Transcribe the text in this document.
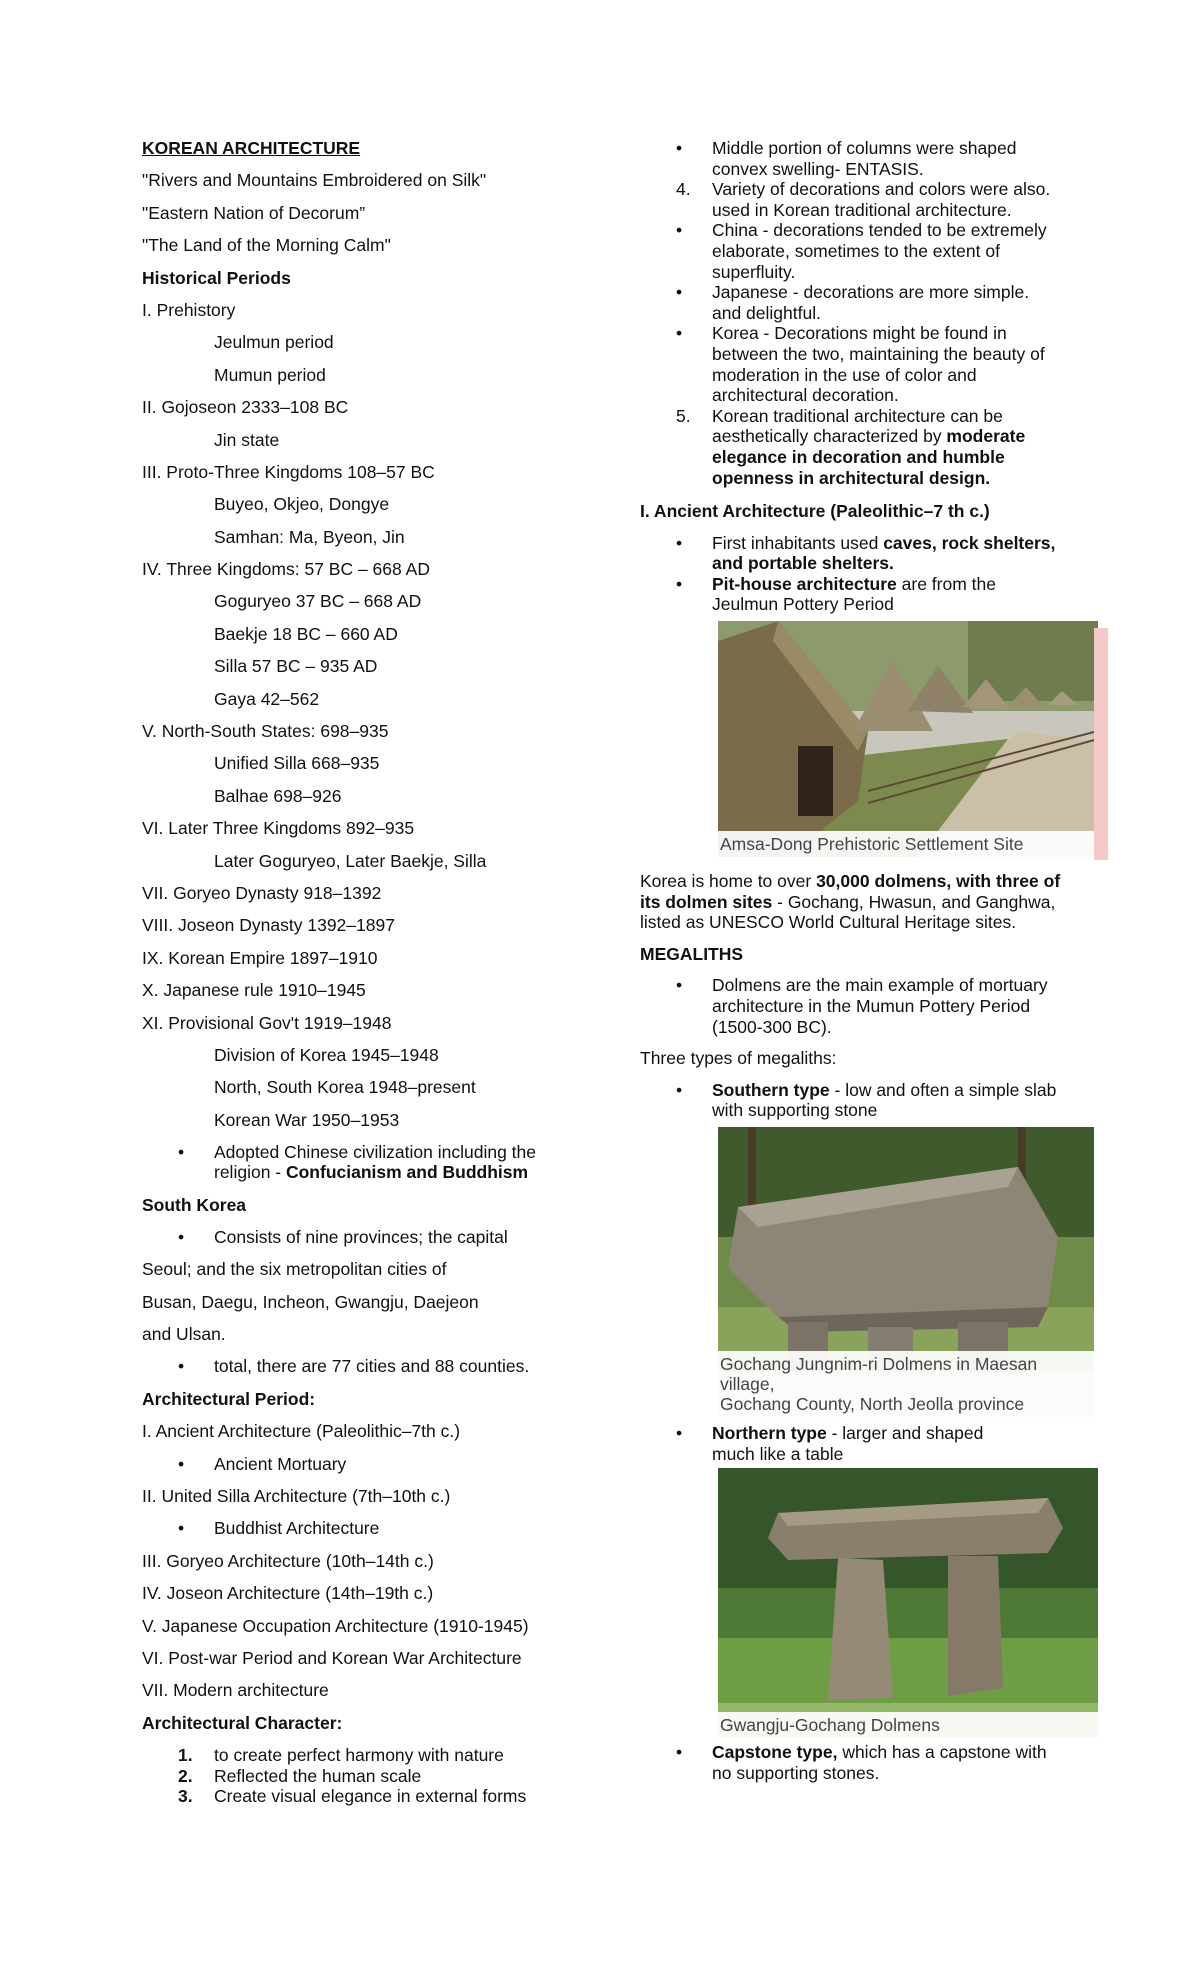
KOREAN ARCHITECTURE
"Rivers and Mountains Embroidered on Silk"
"Eastern Nation of Decorum”
"The Land of the Morning Calm"
Historical Periods
I. Prehistory
Jeulmun period
Mumun period
II. Gojoseon 2333–108 BC
Jin state
III. Proto-Three Kingdoms 108–57 BC
Buyeo, Okjeo, Dongye
Samhan: Ma, Byeon, Jin
IV. Three Kingdoms: 57 BC – 668 AD
Goguryeo 37 BC – 668 AD
Baekje 18 BC – 660 AD
Silla 57 BC – 935 AD
Gaya 42–562
V. North-South States: 698–935
Unified Silla 668–935
Balhae 698–926
VI. Later Three Kingdoms 892–935
Later Goguryeo, Later Baekje, Silla
VII. Goryeo Dynasty 918–1392
VIII. Joseon Dynasty 1392–1897
IX. Korean Empire 1897–1910
X. Japanese rule 1910–1945
XI. Provisional Gov't 1919–1948
Division of Korea 1945–1948
North, South Korea 1948–present
Korean War 1950–1953
• Adopted Chinese civilization including the
religion - Confucianism and Buddhism
South Korea
• Consists of nine provinces; the capital
Seoul; and the six metropolitan cities of
Busan, Daegu, Incheon, Gwangju, Daejeon
and Ulsan.
• total, there are 77 cities and 88 counties.
Architectural Period:
I. Ancient Architecture (Paleolithic–7th c.)
• Ancient Mortuary
II. United Silla Architecture (7th–10th c.)
• Buddhist Architecture
III. Goryeo Architecture (10th–14th c.)
IV. Joseon Architecture (14th–19th c.)
V. Japanese Occupation Architecture (1910-1945)
VI. Post-war Period and Korean War Architecture
VII. Modern architecture
Architectural Character:
1. to create perfect harmony with nature
2. Reflected the human scale
3. Create visual elegance in external forms
• Middle portion of columns were shaped
convex swelling- ENTASIS.
4. Variety of decorations and colors were also.
used in Korean traditional architecture.
• China - decorations tended to be extremely
elaborate, sometimes to the extent of
superfluity.
• Japanese - decorations are more simple.
and delightful.
• Korea - Decorations might be found in
between the two, maintaining the beauty of
moderation in the use of color and
architectural decoration.
5. Korean traditional architecture can be
aesthetically characterized by moderate
elegance in decoration and humble
openness in architectural design.
I. Ancient Architecture (Paleolithic–7 th c.)
• First inhabitants used caves, rock shelters,
and portable shelters.
• Pit-house architecture are from the
Jeulmun Pottery Period
Amsa-Dong Prehistoric Settlement Site
Korea is home to over 30,000 dolmens, with three of
its dolmen sites - Gochang, Hwasun, and Ganghwa,
listed as UNESCO World Cultural Heritage sites.
MEGALITHS
• Dolmens are the main example of mortuary
architecture in the Mumun Pottery Period
(1500-300 BC).
Three types of megaliths:
• Southern type - low and often a simple slab
with supporting stone
Gochang Jungnim-ri Dolmens in Maesan village,
Gochang County, North Jeolla province
• Northern type - larger and shaped
much like a table
Gwangju-Gochang Dolmens
• Capstone type, which has a capstone with
no supporting stones.
